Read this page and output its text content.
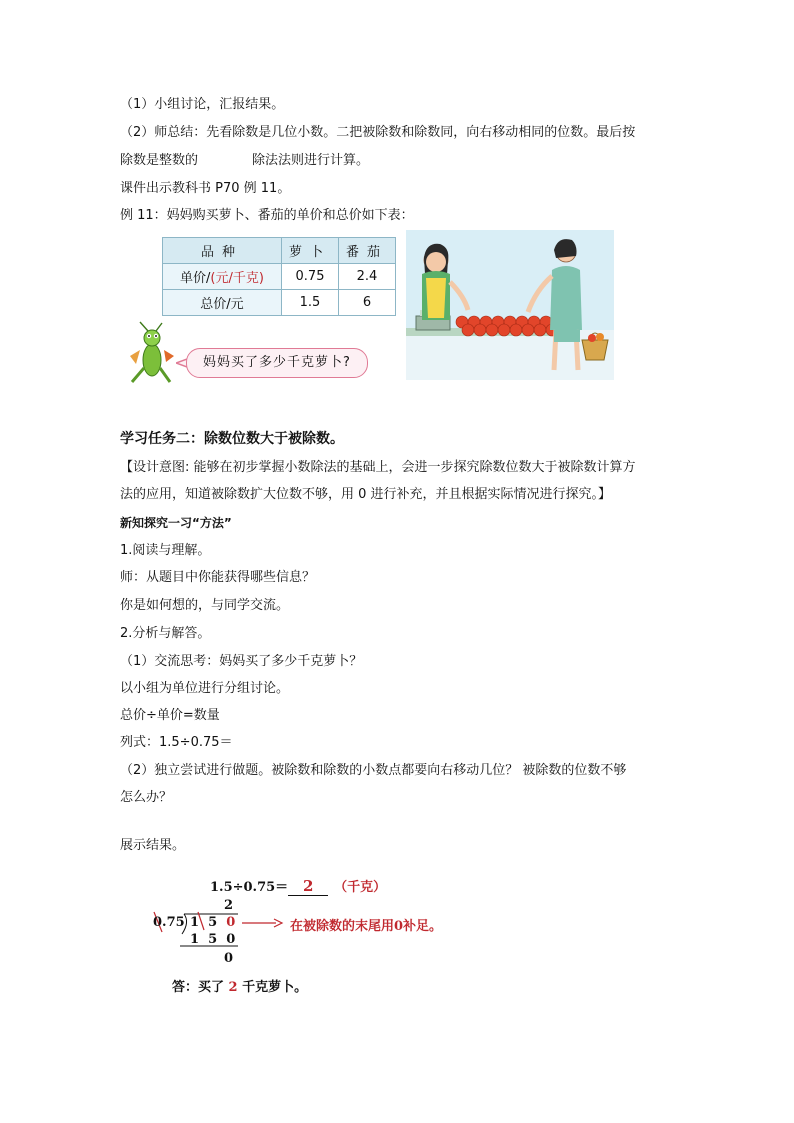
（1）小组讨论，汇报结果。
（2）师总结：先看除数是几位小数。二把被除数和除数同，向右移动相同的位数。最后按
除数是整数的	除法法则进行计算。
课件出示教科书 P70 例 11。
例 11：妈妈购买萝卜、番茄的单价和总价如下表：
品种	萝卜	番茄
单价/(元/千克)	0.75	2.4
总价/元	1.5	6
妈妈买了多少千克萝卜?
学习任务二：除数位数大于被除数。
【设计意图: 能够在初步掌握小数除法的基础上，会进一步探究除数位数大于被除数计算方
法的应用，知道被除数扩大位数不够，用 0 进行补充，并且根据实际情况进行探究。】
新知探究一习“方法”
1.阅读与理解。
师：从题目中你能获得哪些信息？
你是如何想的，与同学交流。
2.分析与解答。
（1）交流思考：妈妈买了多少千克萝卜？
以小组为单位进行分组讨论。
总价÷单价=数量
列式：1.5÷0.75＝
（2）独立尝试进行做题。被除数和除数的小数点都要向右移动几位？ 被除数的位数不够
怎么办？
展示结果。
1.5÷0.75＝ 2 （千克）
2
0.75 1 5 0	在被除数的末尾用0补足。
1 5 0
0
答：买了 2 千克萝卜。
